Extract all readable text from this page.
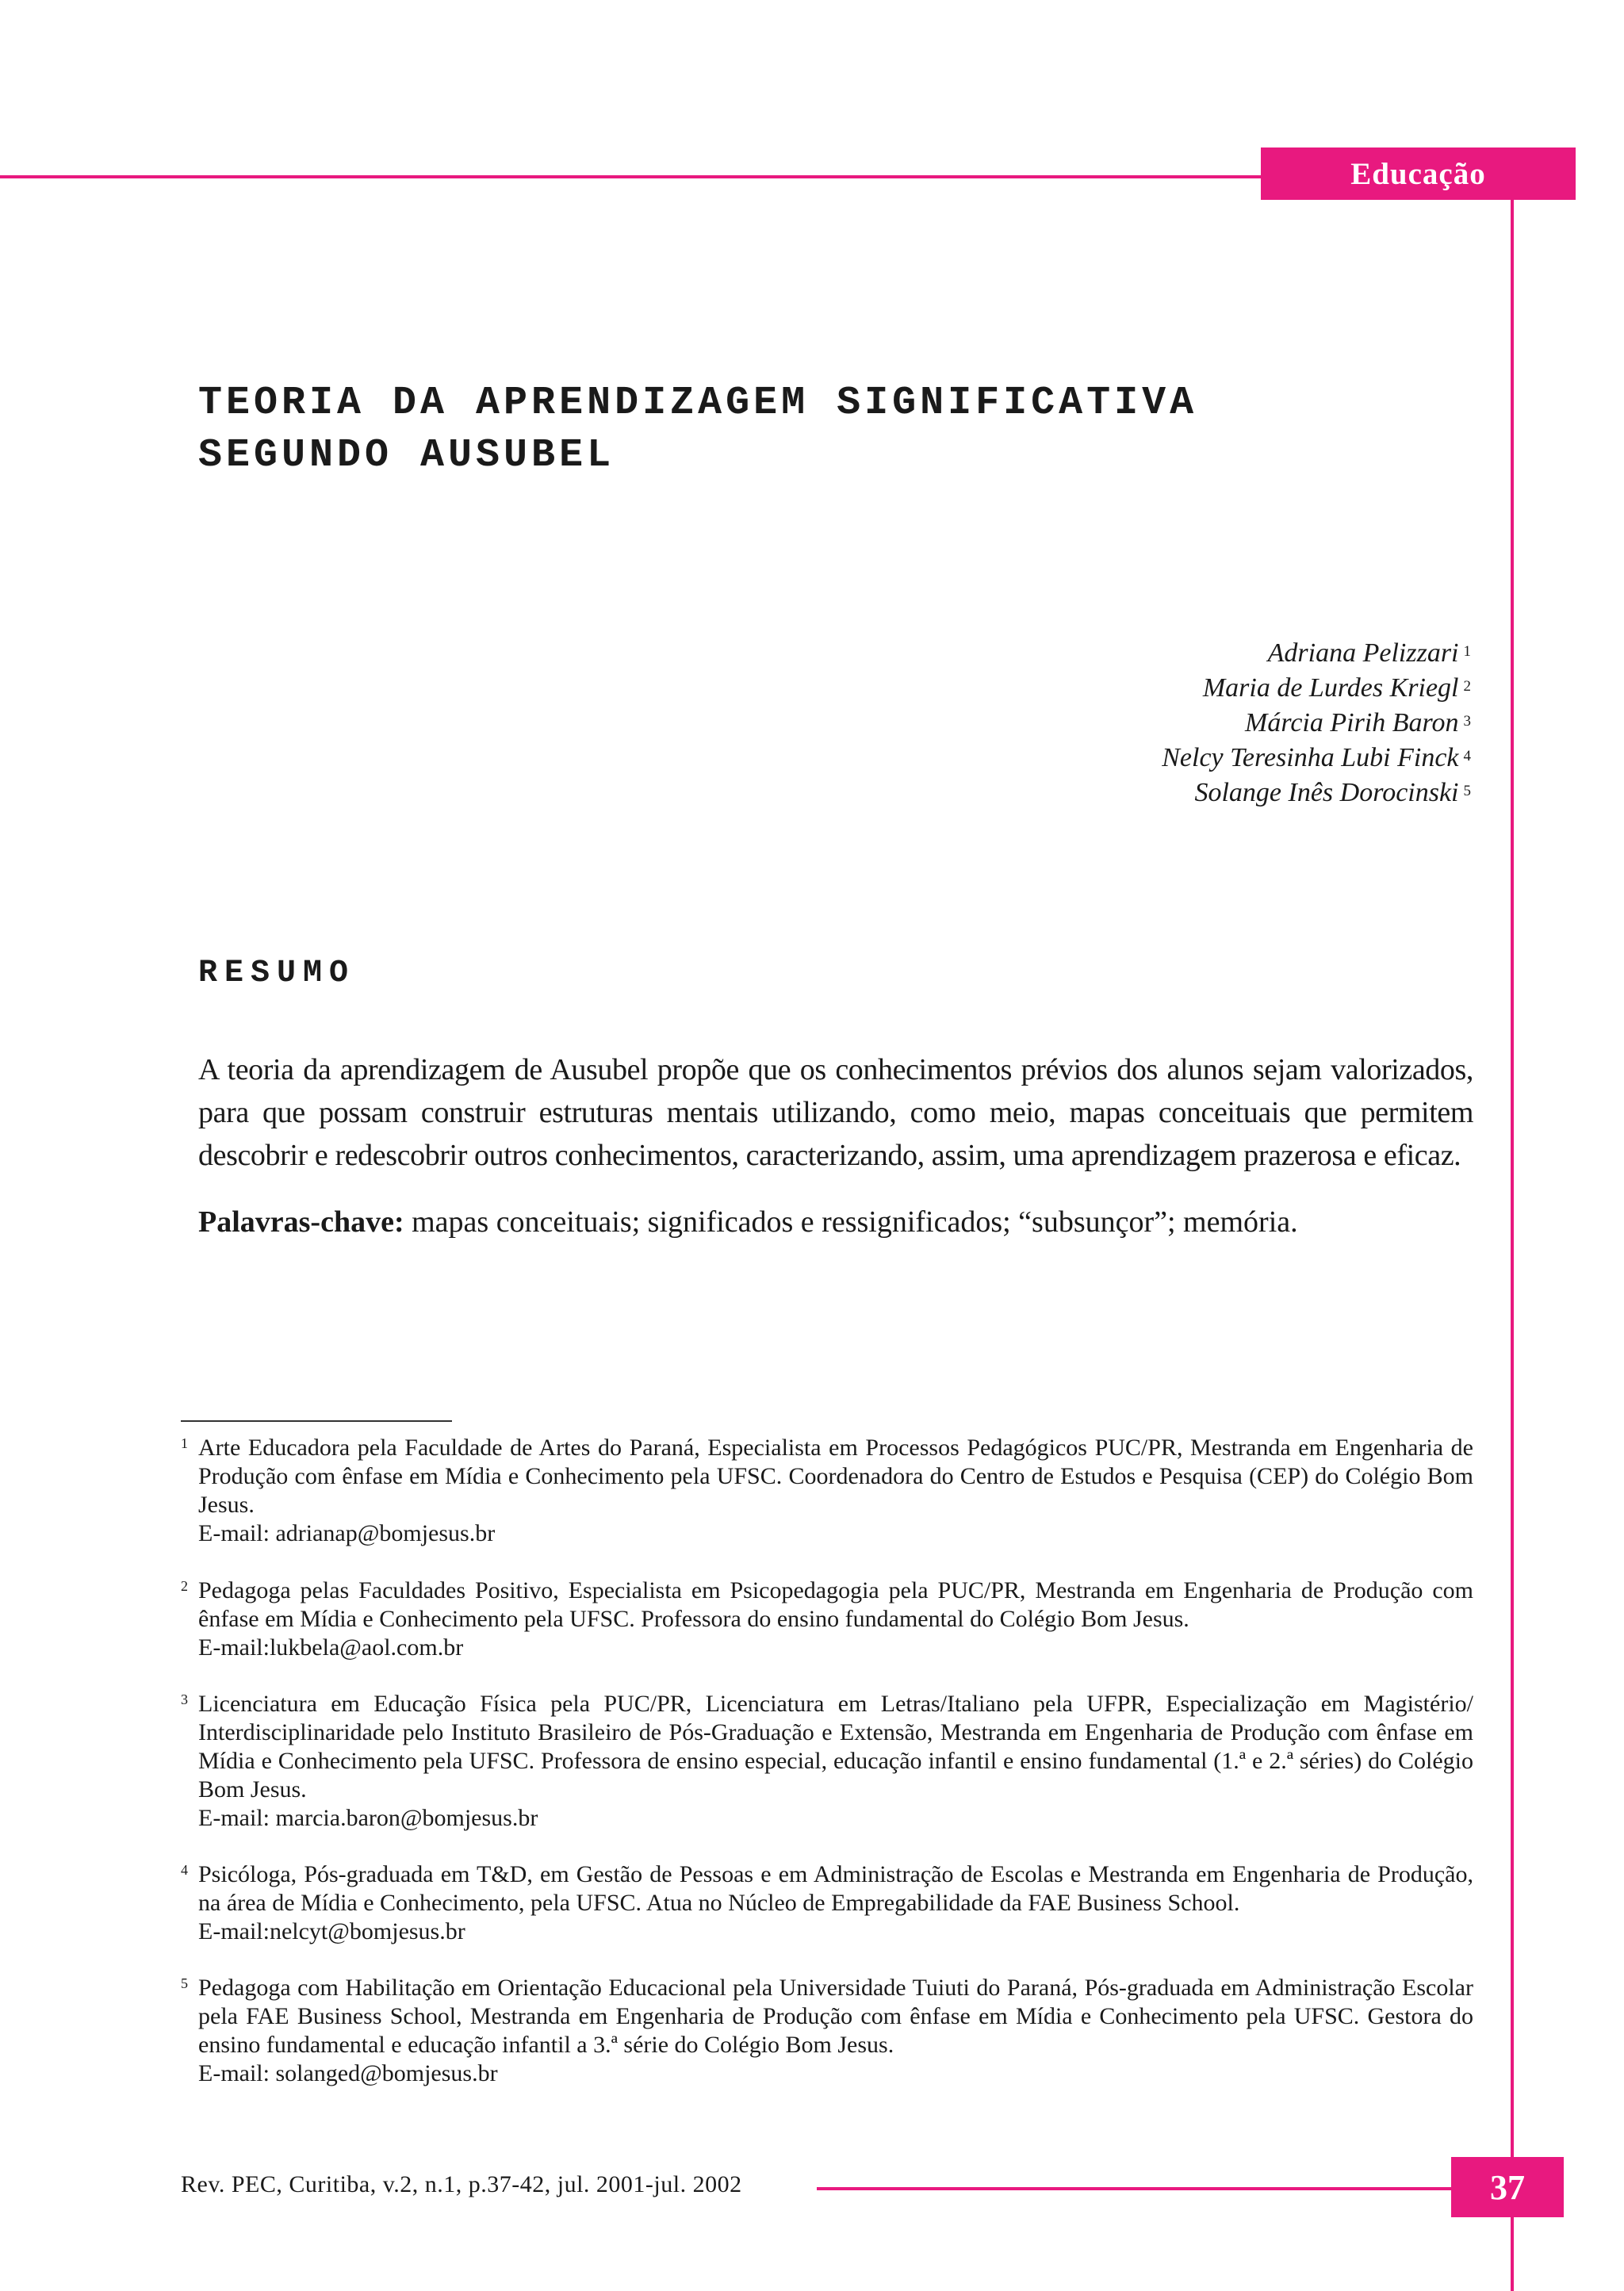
Educação
TEORIA DA APRENDIZAGEM SIGNIFICATIVA
SEGUNDO AUSUBEL
Adriana Pelizzari $^1$
Maria de Lurdes Kriegl $^2$
Márcia Pirih Baron $^3$
Nelcy Teresinha Lubi Finck $^4$
Solange Inês Dorocinski $^5$
RESUMO

A teoria da aprendizagem de Ausubel propõe que os conhecimentos prévios dos alunos sejam valorizados, para que possam construir estruturas mentais utilizando, como meio, mapas conceituais que permitem descobrir e redescobrir outros conhecimentos, caracterizando, assim, uma aprendizagem prazerosa e eficaz.

Palavras-chave: mapas conceituais; significados e ressignificados; “subsunçor”; memória.

1 Arte Educadora pela Faculdade de Artes do Paraná, Especialista em Processos Pedagógicos PUC/PR, Mestranda em Engenharia de Produção com ênfase em Mídia e Conhecimento pela UFSC. Coordenadora do Centro de Estudos e Pesquisa (CEP) do Colégio Bom Jesus.
E-mail: adrianap@bomjesus.br
2 Pedagoga pelas Faculdades Positivo, Especialista em Psicopedagogia pela PUC/PR, Mestranda em Engenharia de Produção com ênfase em Mídia e Conhecimento pela UFSC. Professora do ensino fundamental do Colégio Bom Jesus.
E-mail:lukbela@aol.com.br
3 Licenciatura em Educação Física pela PUC/PR, Licenciatura em Letras/Italiano pela UFPR, Especialização em Magistério/ Interdisciplinaridade pelo Instituto Brasileiro de Pós-Graduação e Extensão, Mestranda em Engenharia de Produção com ênfase em Mídia e Conhecimento pela UFSC. Professora de ensino especial, educação infantil e ensino fundamental (1.ª e 2.ª séries) do Colégio Bom Jesus.
E-mail: marcia.baron@bomjesus.br
4 Psicóloga, Pós-graduada em T&D, em Gestão de Pessoas e em Administração de Escolas e Mestranda em Engenharia de Produção, na área de Mídia e Conhecimento, pela UFSC. Atua no Núcleo de Empregabilidade da FAE Business School.
E-mail:nelcyt@bomjesus.br
5 Pedagoga com Habilitação em Orientação Educacional pela Universidade Tuiuti do Paraná, Pós-graduada em Administração Escolar pela FAE Business School, Mestranda em Engenharia de Produção com ênfase em Mídia e Conhecimento pela UFSC. Gestora do ensino fundamental e educação infantil a 3.ª série do Colégio Bom Jesus.
E-mail: solanged@bomjesus.br
Rev. PEC, Curitiba, v.2, n.1, p.37-42, jul. 2001-jul. 2002	37
